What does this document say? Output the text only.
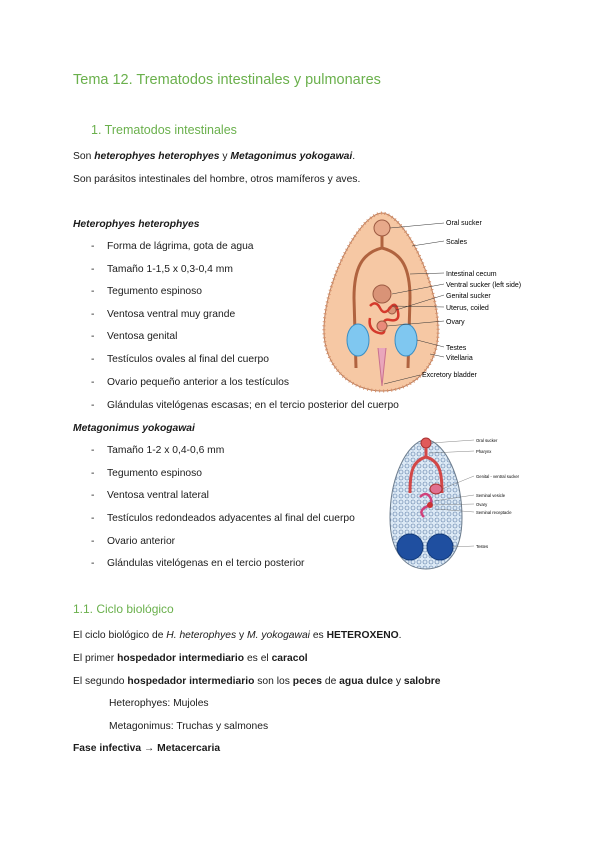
Tema 12. Trematodos intestinales y pulmonares
1. Trematodos intestinales
Son heterophyes heterophyes y Metagonimus yokogawai.
Son parásitos intestinales del hombre, otros mamíferos y aves.
Heterophyes heterophyes
- Forma de lágrima, gota de agua
- Tamaño 1-1,5 x 0,3-0,4 mm
- Tegumento espinoso
- Ventosa ventral muy grande
- Ventosa genital
- Testículos ovales al final del cuerpo
- Ovario pequeño anterior a los testículos
- Glándulas vitelógenas escasas; en el tercio posterior del cuerpo
Oral sucker
Scales
Intestinal cecum
Ventral sucker (left side)
Genital sucker
Uterus, coiled
Ovary
Testes
Vitellaria
Excretory bladder
Metagonimus yokogawai
- Tamaño 1-2 x 0,4-0,6 mm
- Tegumento espinoso
- Ventosa ventral lateral
- Testículos redondeados adyacentes al final del cuerpo
- Ovario anterior
- Glándulas vitelógenas en el tercio posterior
Oral sucker
Pharynx
Genital - ventral sucker
Seminal vesicle
Ovary
Seminal receptacle
Testes
1.1. Ciclo biológico
El ciclo biológico de H. heterophyes y M. yokogawai es HETEROXENO.
El primer hospedador intermediario es el caracol
El segundo hospedador intermediario son los peces de agua dulce y salobre
Heterophyes: Mujoles
Metagonimus: Truchas y salmones
Fase infectiva → Metacercaria
